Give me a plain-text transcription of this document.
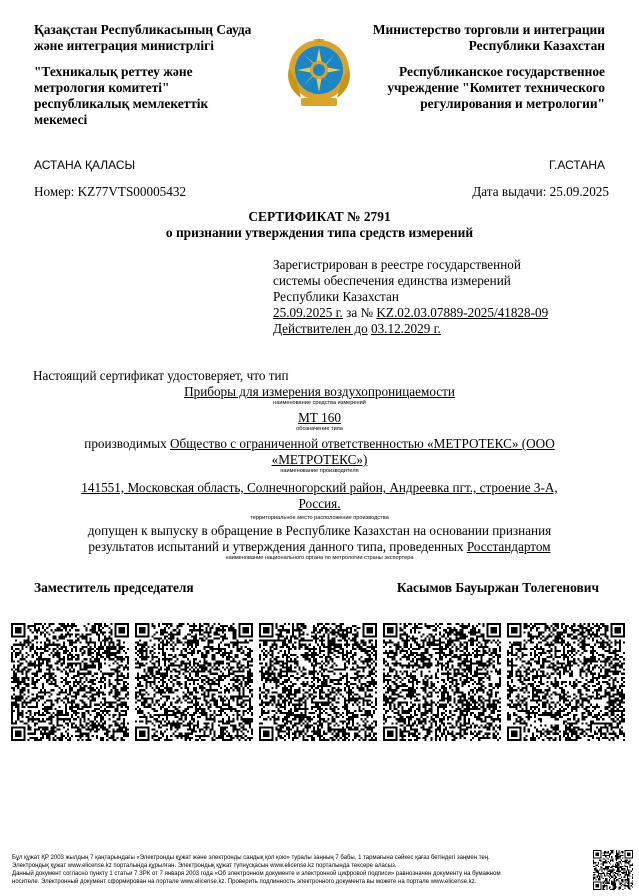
Қазақстан Республикасының Сауда және интеграция министрлігі

"Техникалық реттеу және метрология комитеті" республикалық мемлекеттік мекемесі

Министерство торговли и интеграции Республики Казахстан

Республиканское государственное учреждение "Комитет технического регулирования и метрологии"

АСТАНА ҚАЛАСЫ	Г.АСТАНА
Номер: KZ77VTS00005432	Дата выдачи: 25.09.2025
СЕРТИФИКАТ № 2791
о признании утверждения типа средств измерений
Зарегистрирован в реестре государственной
системы обеспечения единства измерений
Республики Казахстан
25.09.2025 г. за № KZ.02.03.07889-2025/41828-09
Действителен до 03.12.2029 г.
Настоящий сертификат удостоверяет, что тип
Приборы для измерения воздухопроницаемости
наименование средства измерений
МТ 160
обозначение типа
производимых Общество с ограниченной ответственностью «МЕТРОТЕКС» (ООО
«МЕТРОТЕКС»)
наименование производителя
141551, Московская область, Солнечногорский район, Андреевка пгт., строение 3-А,
Россия.
территориальное место расположение производства
допущен к выпуску в обращение в Республике Казахстан на основании признания
результатов испытаний и утверждения данного типа, проведенных Росстандартом
наименование национального органа по метрологии страны экспортера
Заместитель председателя	Касымов Бауыржан Толегенович
Бұл құжат ҚР 2003 жылдың 7 қаңтарындағы «Электронды құжат және электронды сандық қол қою» туралы заңның 7 бабы, 1 тармағына сәйкес қағаз бетіндегі заңмен тең.
Электрондық құжат www.elicense.kz порталында құрылған. Электрондық құжат түпнұсқасын www.elicense.kz порталында тексере аласыз.
Данный документ согласно пункту 1 статьи 7 ЗРК от 7 января 2003 года «Об электронном документе и электронной цифровой подписи» равнозначен документу на бумажном
носителе. Электронный документ сформирован на портале www.elicense.kz. Проверить подлинность электронного документа вы можете на портале www.elicense.kz.
